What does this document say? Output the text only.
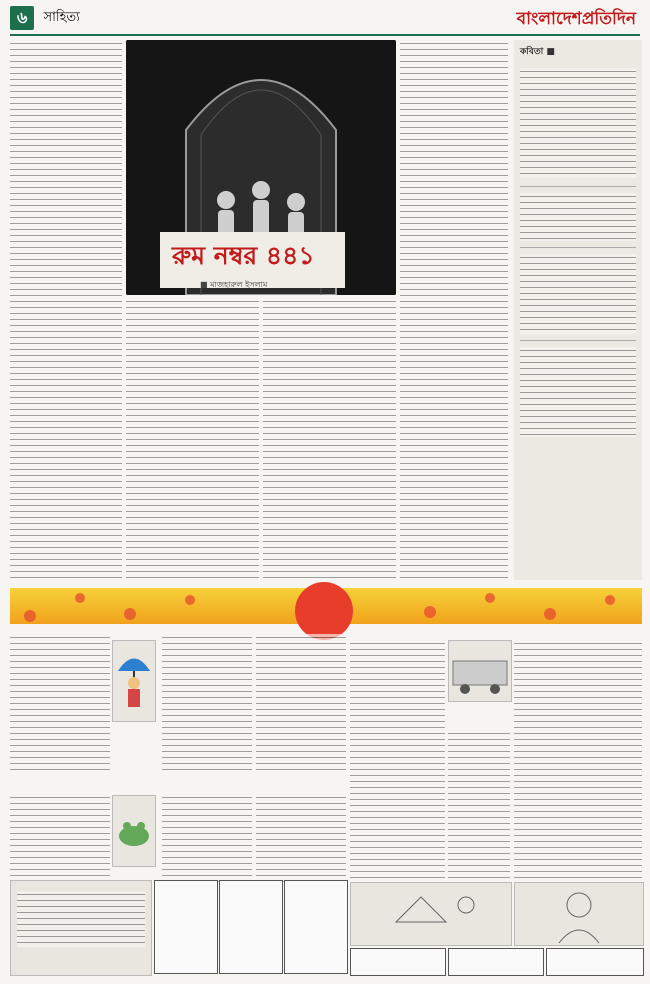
৬ সাহিত্য	বাংলাদেশপ্রতিদিন
রুম নম্বর ৪৪১
■ মাজহারুল ইসলাম
কবিতা ■
